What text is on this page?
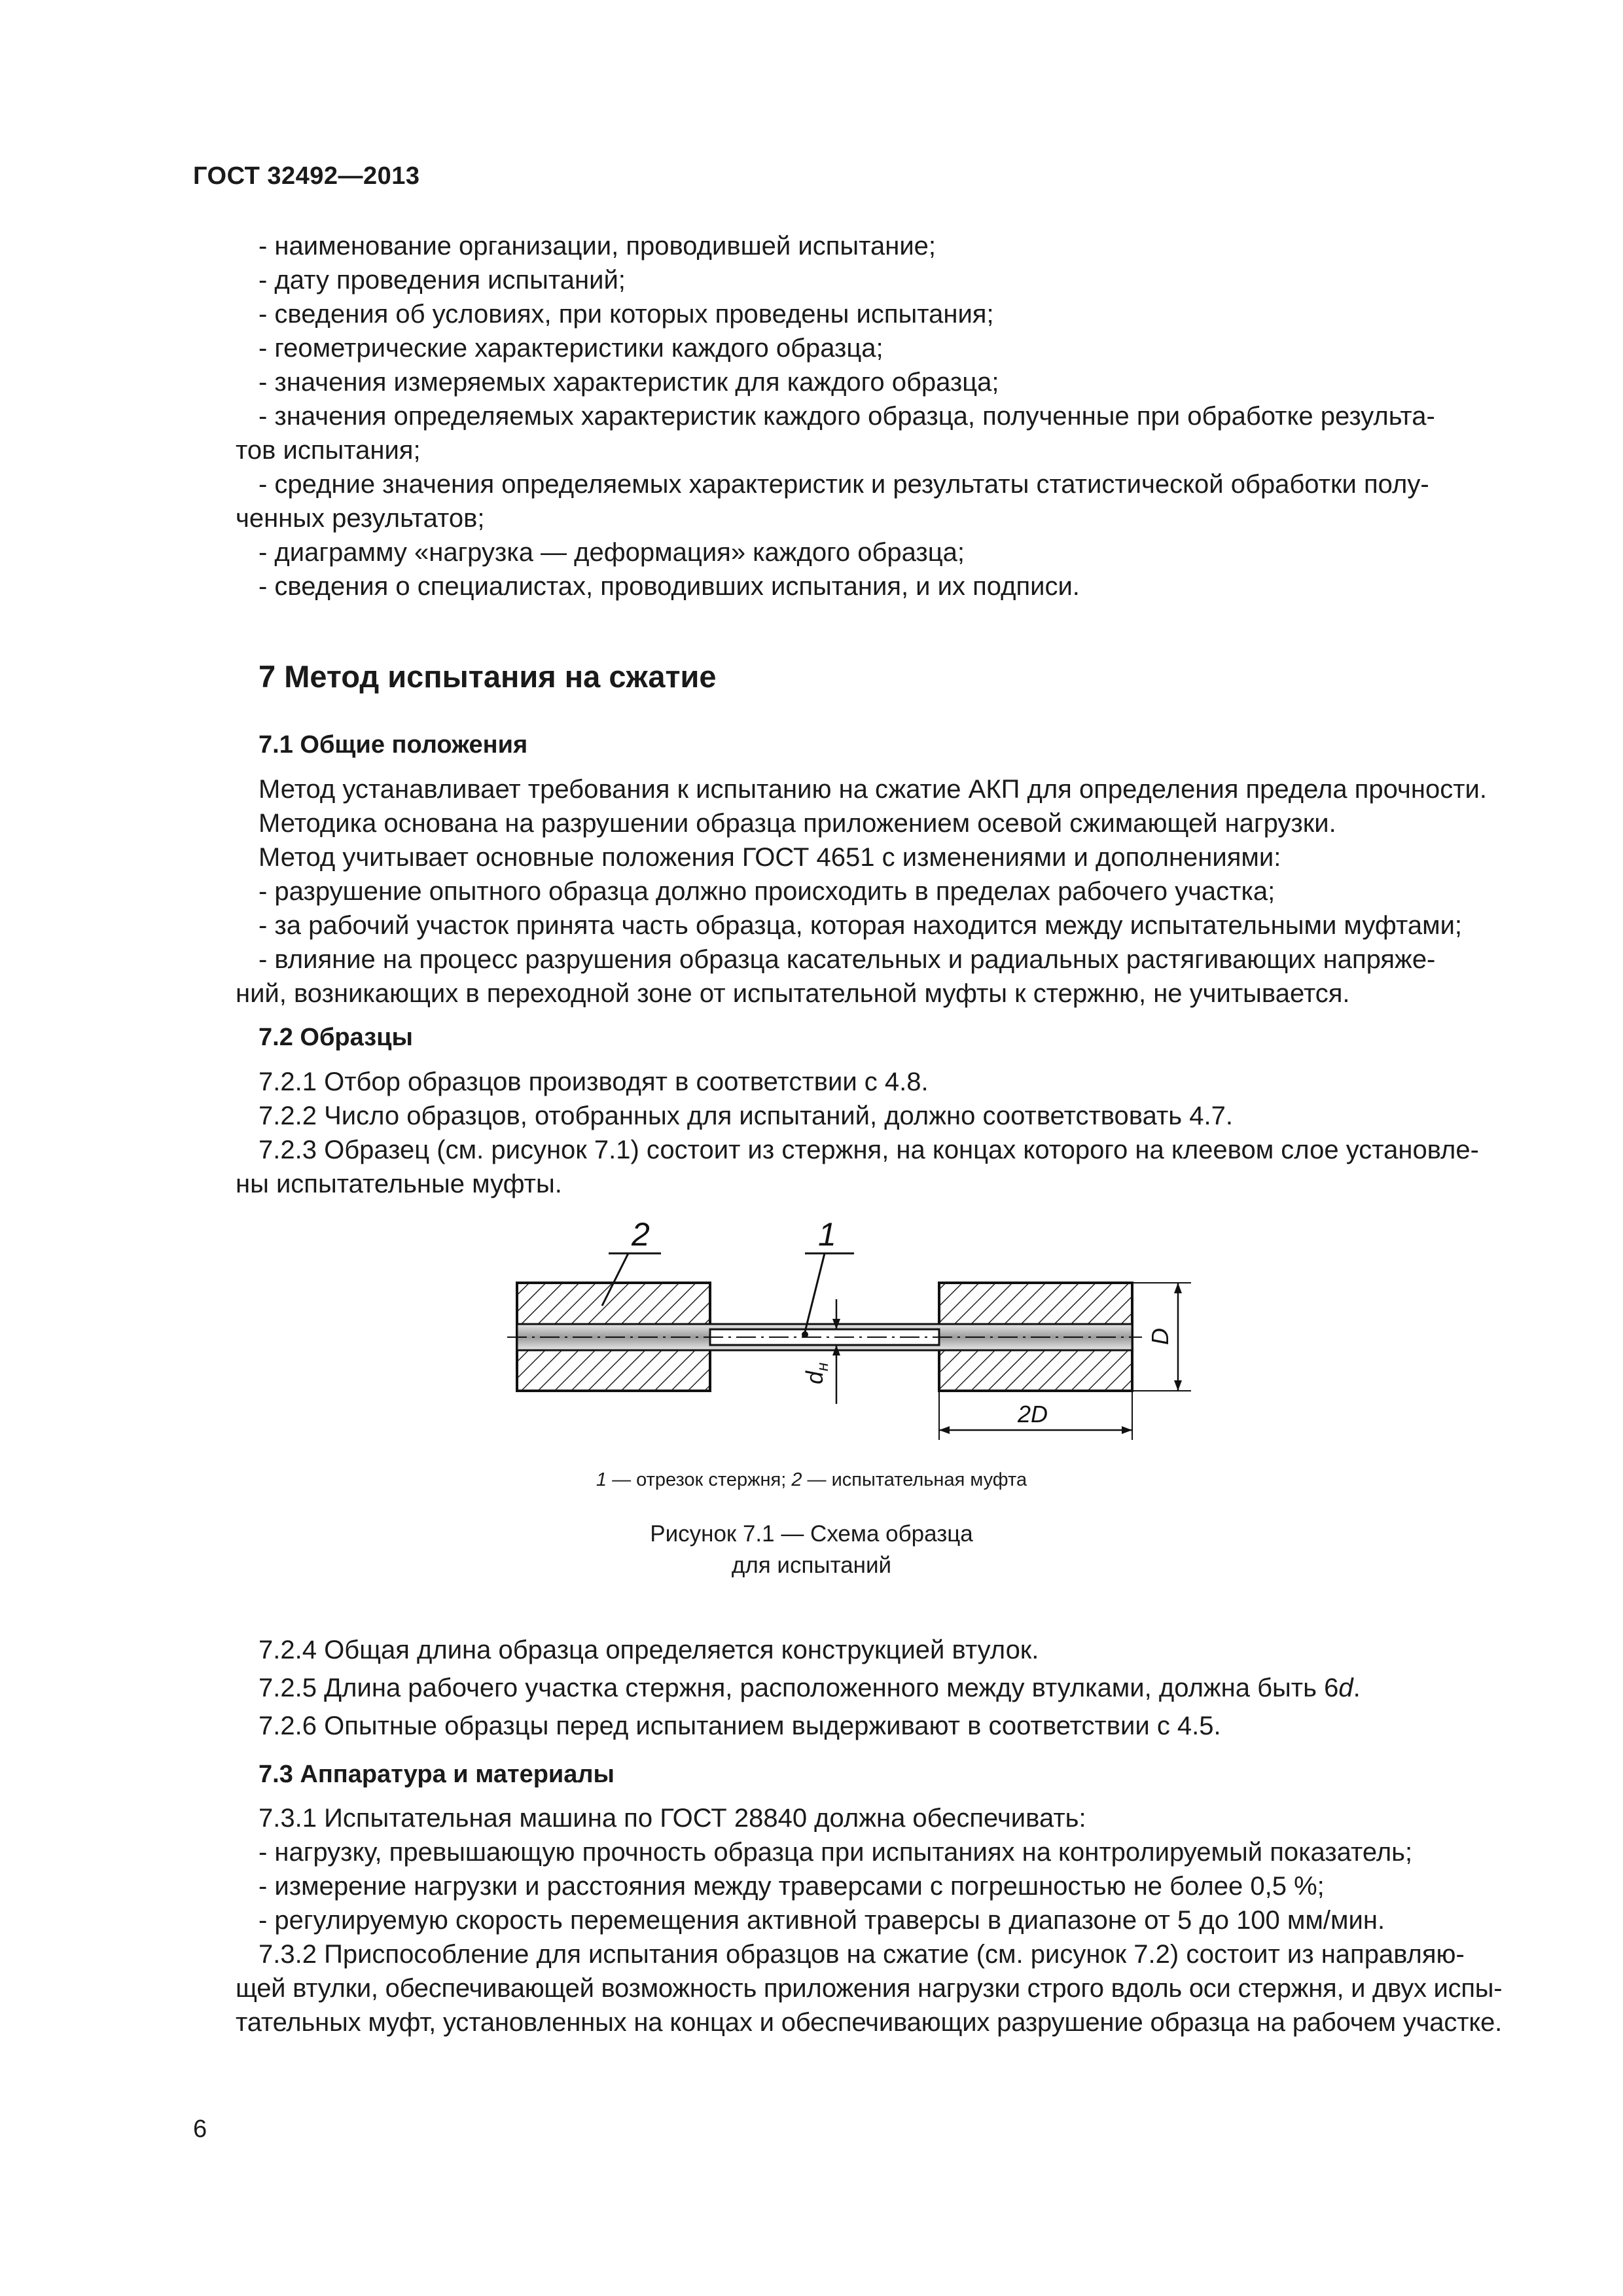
ГОСТ 32492—2013
- наименование организации, проводившей испытание;
- дату проведения испытаний;
- сведения об условиях, при которых проведены испытания;
- геометрические характеристики каждого образца;
- значения измеряемых характеристик для каждого образца;
- значения определяемых характеристик каждого образца, полученные при обработке результа-
тов испытания;
- средние значения определяемых характеристик и результаты статистической обработки полу-
ченных результатов;
- диаграмму «нагрузка — деформация» каждого образца;
- сведения о специалистах, проводивших испытания, и их подписи.
7 Метод испытания на сжатие
7.1 Общие положения
Метод устанавливает требования к испытанию на сжатие АКП для определения предела прочности.
Методика основана на разрушении образца приложением осевой сжимающей нагрузки.
Метод учитывает основные положения ГОСТ 4651 с изменениями и дополнениями:
- разрушение опытного образца должно происходить в пределах рабочего участка;
- за рабочий участок принята часть образца, которая находится между испытательными муфтами;
- влияние на процесс разрушения образца касательных и радиальных растягивающих напряже-
ний, возникающих в переходной зоне от испытательной муфты к стержню, не учитывается.
7.2 Образцы
7.2.1 Отбор образцов производят в соответствии с 4.8.
7.2.2 Число образцов, отобранных для испытаний, должно соответствовать 4.7.
7.2.3 Образец (см. рисунок 7.1) состоит из стержня, на концах которого на клеевом слое установле-
ны испытательные муфты.
2	1
$d_н$
D
2D
1 — отрезок стержня; 2 — испытательная муфта
Рисунок 7.1 — Схема образца
для испытаний
7.2.4 Общая длина образца определяется конструкцией втулок.
7.2.5 Длина рабочего участка стержня, расположенного между втулками, должна быть 6d.
7.2.6 Опытные образцы перед испытанием выдерживают в соответствии с 4.5.
7.3 Аппаратура и материалы
7.3.1 Испытательная машина по ГОСТ 28840 должна обеспечивать:
- нагрузку, превышающую прочность образца при испытаниях на контролируемый показатель;
- измерение нагрузки и расстояния между траверсами с погрешностью не более 0,5 %;
- регулируемую скорость перемещения активной траверсы в диапазоне от 5 до 100 мм/мин.
7.3.2 Приспособление для испытания образцов на сжатие (см. рисунок 7.2) состоит из направляю-
щей втулки, обеспечивающей возможность приложения нагрузки строго вдоль оси стержня, и двух испы-
тательных муфт, установленных на концах и обеспечивающих разрушение образца на рабочем участке.
6
